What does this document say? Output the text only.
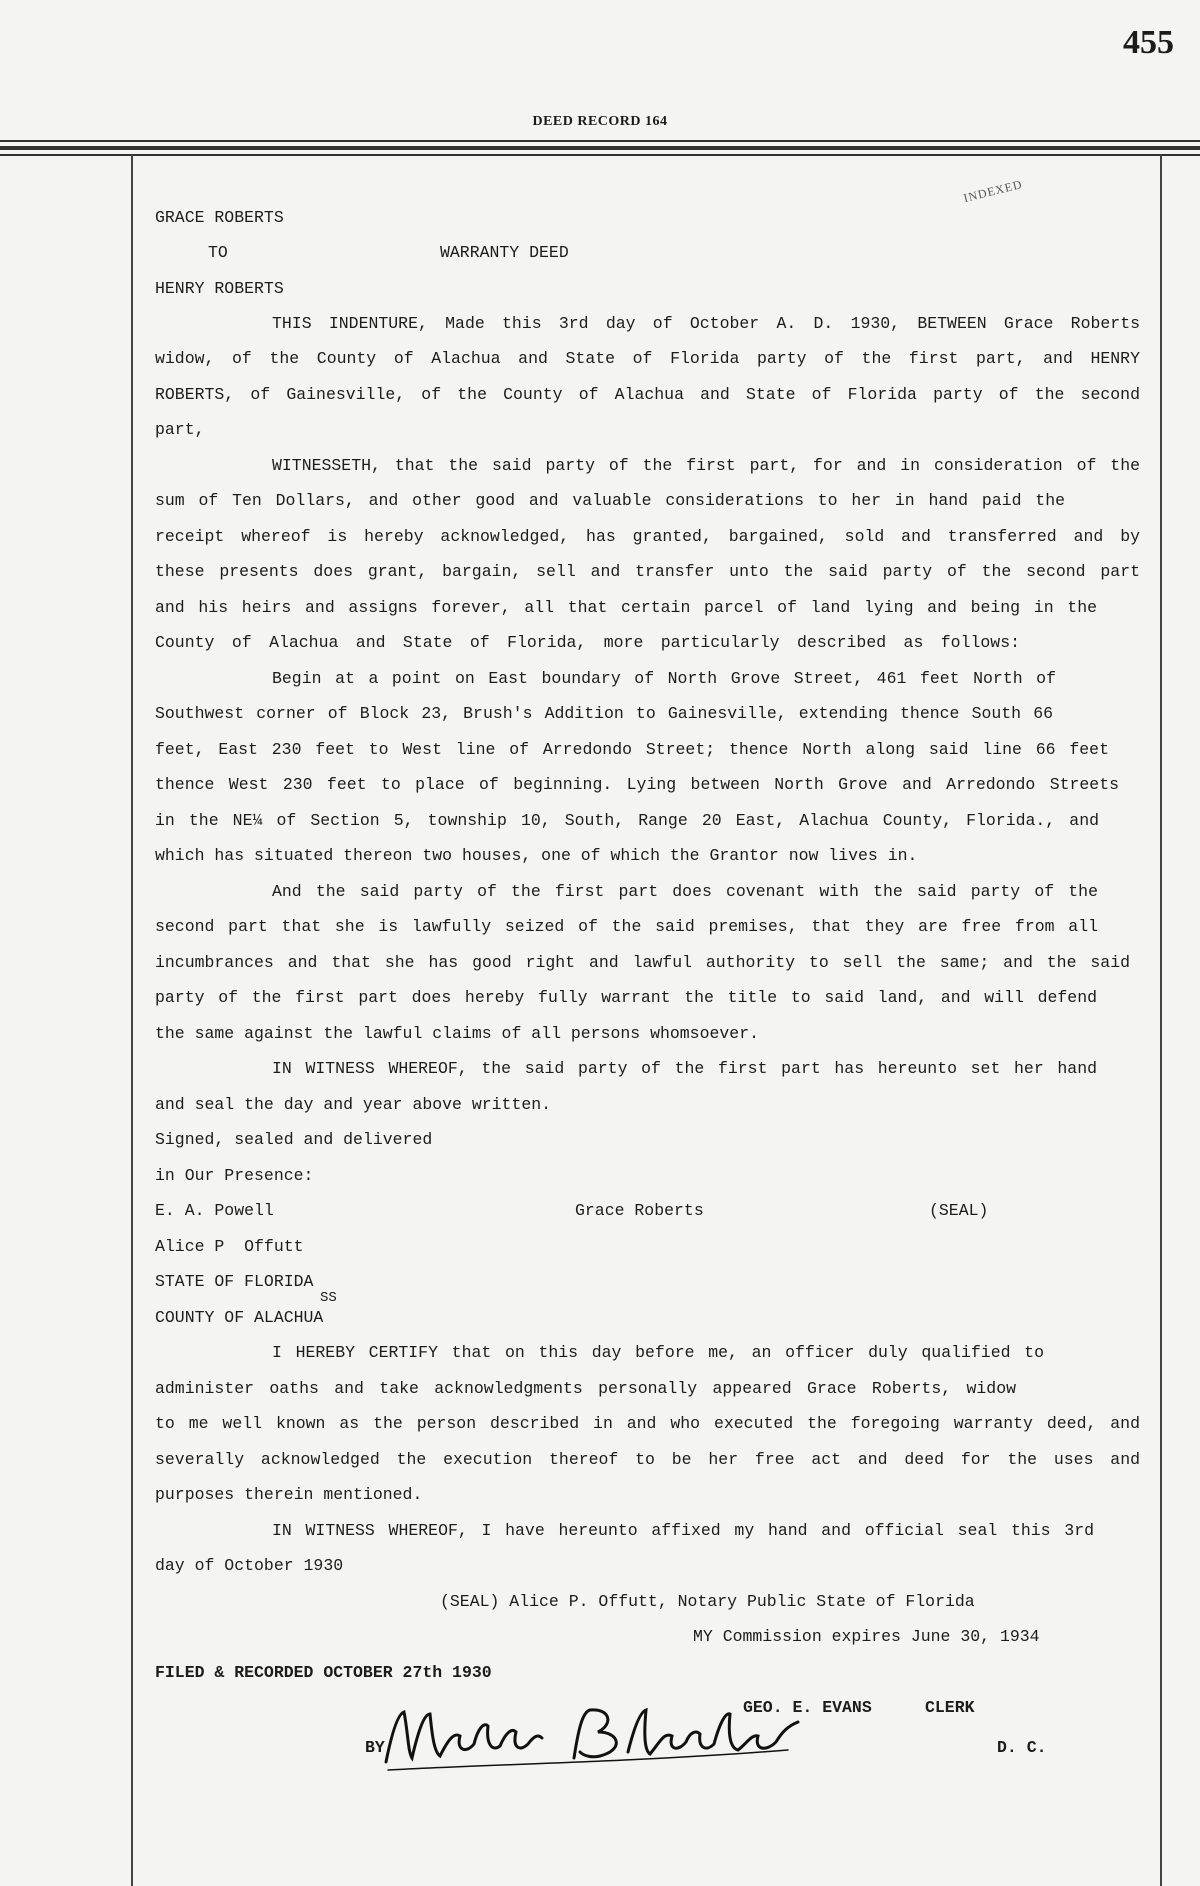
455
DEED RECORD 164
INDEXED
GRACE ROBERTS
TO	WARRANTY DEED
HENRY ROBERTS
THIS INDENTURE, Made this 3rd day of October A. D. 1930, BETWEEN Grace Roberts
widow, of the County of Alachua and State of Florida party of the first part, and HENRY
ROBERTS, of Gainesville, of the County of Alachua and State of Florida party of the second
part,
WITNESSETH, that the said party of the first part, for and in consideration of the
sum of Ten Dollars, and other good and valuable considerations to her in hand paid the
receipt whereof is hereby acknowledged, has granted, bargained, sold and transferred and by
these presents does grant, bargain, sell and transfer unto the said party of the second part
and his heirs and assigns forever, all that certain parcel of land lying and being in the
County of Alachua and State of Florida, more particularly described as follows:
Begin at a point on East boundary of North Grove Street, 461 feet North of
Southwest corner of Block 23, Brush's Addition to Gainesville, extending thence South 66
feet, East 230 feet to West line of Arredondo Street; thence North along said line 66 feet
thence West 230 feet to place of beginning. Lying between North Grove and Arredondo Streets
in the NE¼ of Section 5, township 10, South, Range 20 East, Alachua County, Florida., and
which has situated thereon two houses, one of which the Grantor now lives in.
And the said party of the first part does covenant with the said party of the
second part that she is lawfully seized of the said premises, that they are free from all
incumbrances and that she has good right and lawful authority to sell the same; and the said
party of the first part does hereby fully warrant the title to said land, and will defend
the same against the lawful claims of all persons whomsoever.
IN WITNESS WHEREOF, the said party of the first part has hereunto set her hand
and seal the day and year above written.
Signed, sealed and delivered
in Our Presence:
E. A. Powell	Grace Roberts	(SEAL)
Alice P  Offutt
STATE OF FLORIDA
SS
COUNTY OF ALACHUA
I HEREBY CERTIFY that on this day before me, an officer duly qualified to
administer oaths and take acknowledgments personally appeared Grace Roberts, widow
to me well known as the person described in and who executed the foregoing warranty deed, and
severally acknowledged the execution thereof to be her free act and deed for the uses and
purposes therein mentioned.
IN WITNESS WHEREOF, I have hereunto affixed my hand and official seal this 3rd
day of October 1930
(SEAL) Alice P. Offutt, Notary Public State of Florida
MY Commission expires June 30, 1934
FILED & RECORDED OCTOBER 27th 1930
GEO. E. EVANS	CLERK
BY	D. C.
